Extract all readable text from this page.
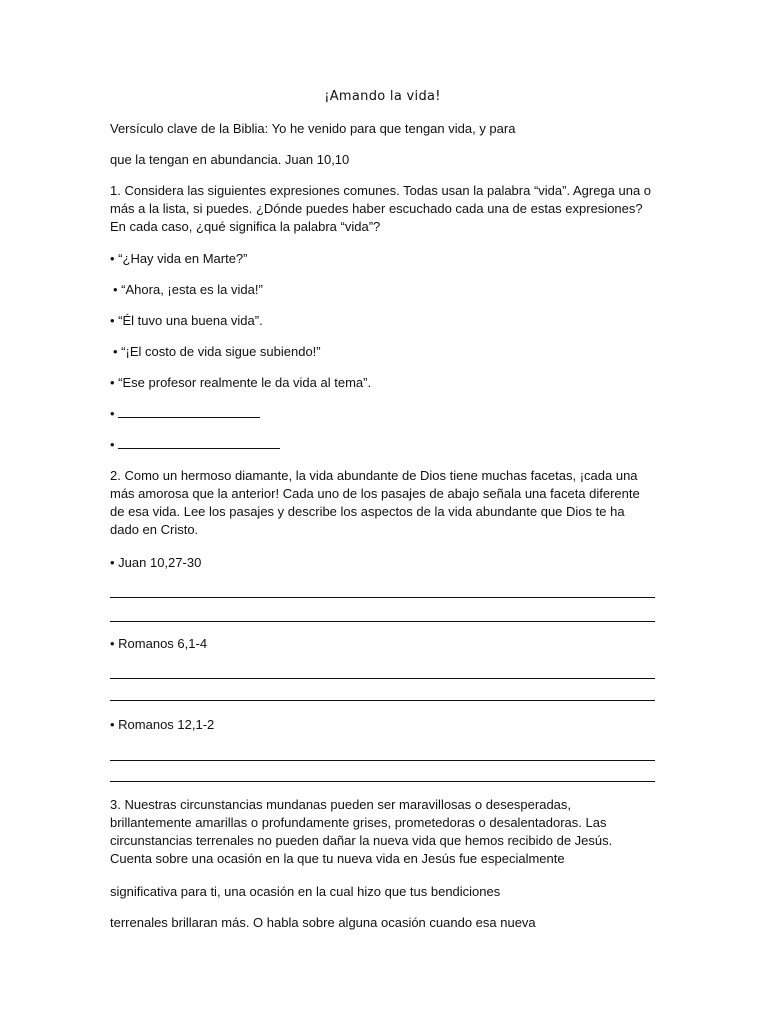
¡Amando la vida!
Versículo clave de la Biblia: Yo he venido para que tengan vida, y para
que la tengan en abundancia. Juan 10,10
1. Considera las siguientes expresiones comunes. Todas usan la palabra “vida”. Agrega una o más a la lista, si puedes. ¿Dónde puedes haber escuchado cada una de estas expresiones? En cada caso, ¿qué significa la palabra “vida”?
• “¿Hay vida en Marte?”
• “Ahora, ¡esta es la vida!”
• “Él tuvo una buena vida”.
• “¡El costo de vida sigue subiendo!”
• “Ese profesor realmente le da vida al tema”.
•
•
2. Como un hermoso diamante, la vida abundante de Dios tiene muchas facetas, ¡cada una más amorosa que la anterior! Cada uno de los pasajes de abajo señala una faceta diferente de esa vida. Lee los pasajes y describe los aspectos de la vida abundante que Dios te ha dado en Cristo.
• Juan 10,27-30
• Romanos 6,1-4
• Romanos 12,1-2
3. Nuestras circunstancias mundanas pueden ser maravillosas o desesperadas, brillantemente amarillas o profundamente grises, prometedoras o desalentadoras. Las circunstancias terrenales no pueden dañar la nueva vida que hemos recibido de Jesús. Cuenta sobre una ocasión en la que tu nueva vida en Jesús fue especialmente
significativa para ti, una ocasión en la cual hizo que tus bendiciones
terrenales brillaran más. O habla sobre alguna ocasión cuando esa nueva
